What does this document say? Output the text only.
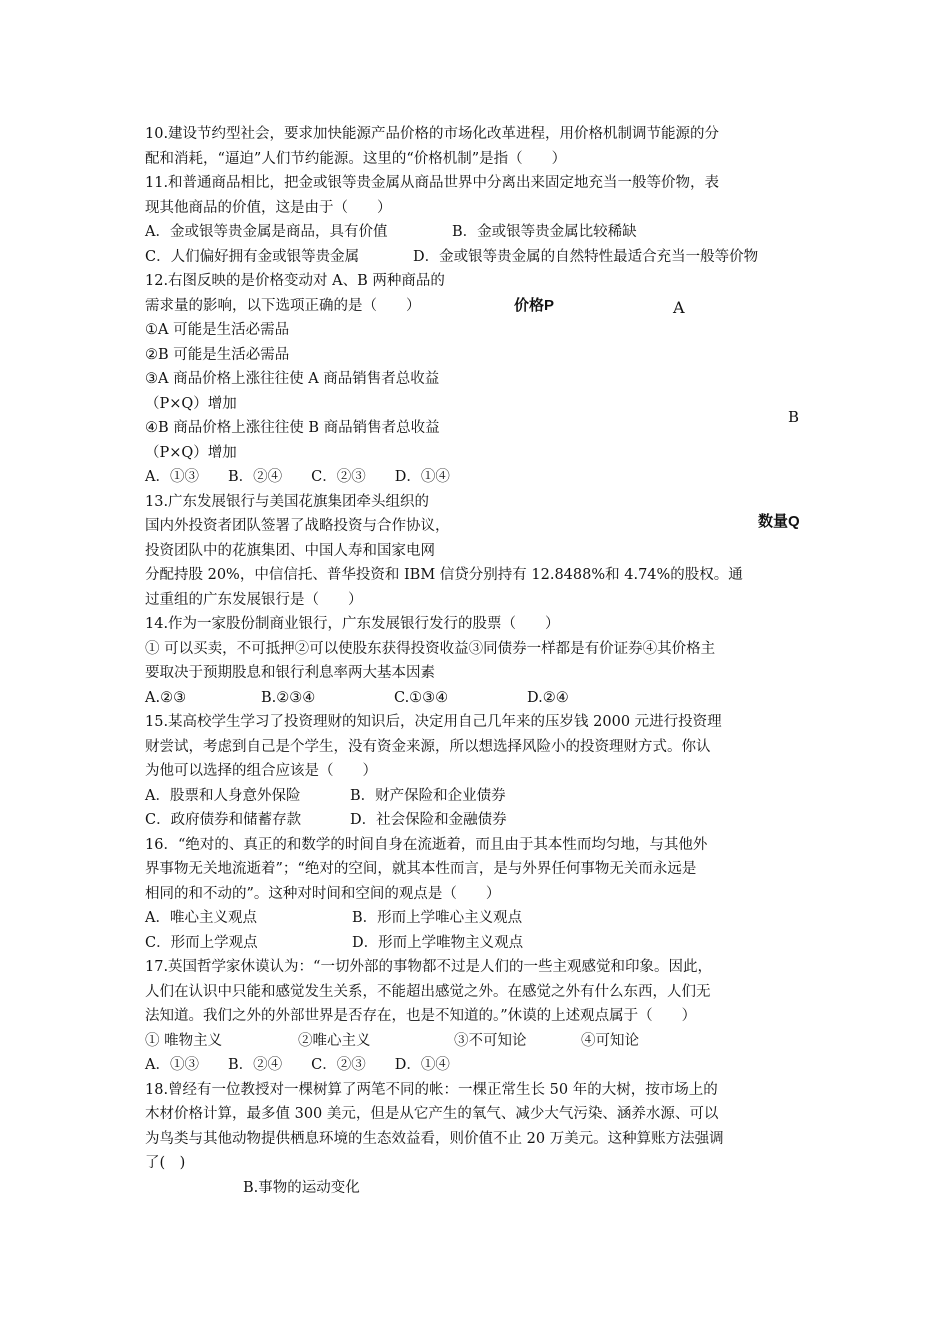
价格P	A
B
数量Q
10.建设节约型社会，要求加快能源产品价格的市场化改革进程，用价格机制调节能源的分
配和消耗，“逼迫”人们节约能源。这里的“价格机制”是指（　　）
11.和普通商品相比，把金或银等贵金属从商品世界中分离出来固定地充当一般等价物，表
现其他商品的价值，这是由于（　　）
A．金或银等贵金属是商品，具有价值	B．金或银等贵金属比较稀缺
C．人们偏好拥有金或银等贵金属	D．金或银等贵金属的自然特性最适合充当一般等价物
12.右图反映的是价格变动对 A、B 两种商品的
需求量的影响，以下选项正确的是（　　）
①A 可能是生活必需品
②B 可能是生活必需品
③A 商品价格上涨往往使 A 商品销售者总收益
（P×Q）增加
④B 商品价格上涨往往使 B 商品销售者总收益
（P×Q）增加
A．①③　　B．②④　　C．②③　　D．①④
13.广东发展银行与美国花旗集团牵头组织的
国内外投资者团队签署了战略投资与合作协议，
投资团队中的花旗集团、中国人寿和国家电网
分配持股 20%，中信信托、普华投资和 IBM 信贷分别持有 12.8488%和 4.74%的股权。通
过重组的广东发展银行是（　　）
14.作为一家股份制商业银行，广东发展银行发行的股票（　　）
① 可以买卖，不可抵押②可以使股东获得投资收益③同债券一样都是有价证券④其价格主
要取决于预期股息和银行利息率两大基本因素
A.②③	B.②③④	C.①③④	D.②④
15.某高校学生学习了投资理财的知识后，决定用自己几年来的压岁钱 2000 元进行投资理
财尝试，考虑到自己是个学生，没有资金来源，所以想选择风险小的投资理财方式。你认
为他可以选择的组合应该是（　　）
A．股票和人身意外保险	B．财产保险和企业债券
C．政府债券和储蓄存款	D．社会保险和金融债券
16．“绝对的、真正的和数学的时间自身在流逝着，而且由于其本性而均匀地，与其他外
界事物无关地流逝着”；“绝对的空间，就其本性而言，是与外界任何事物无关而永远是
相同的和不动的”。这种对时间和空间的观点是（　　）
A．唯心主义观点	B．形而上学唯心主义观点
C．形而上学观点	D．形而上学唯物主义观点
17.英国哲学家休谟认为：“一切外部的事物都不过是人们的一些主观感觉和印象。因此，
人们在认识中只能和感觉发生关系，不能超出感觉之外。在感觉之外有什么东西，人们无
法知道。我们之外的外部世界是否存在，也是不知道的。”休谟的上述观点属于（　　）
① 唯物主义	②唯心主义	③不可知论	④可知论
A．①③　　B．②④　　C．②③　　D．①④
18.曾经有一位教授对一棵树算了两笔不同的帐：一棵正常生长 50 年的大树，按市场上的
木材价格计算，最多值 300 美元，但是从它产生的氧气、减少大气污染、涵养水源、可以
为鸟类与其他动物提供栖息环境的生态效益看，则价值不止 20 万美元。这种算账方法强调
了(　)
B.事物的运动变化
